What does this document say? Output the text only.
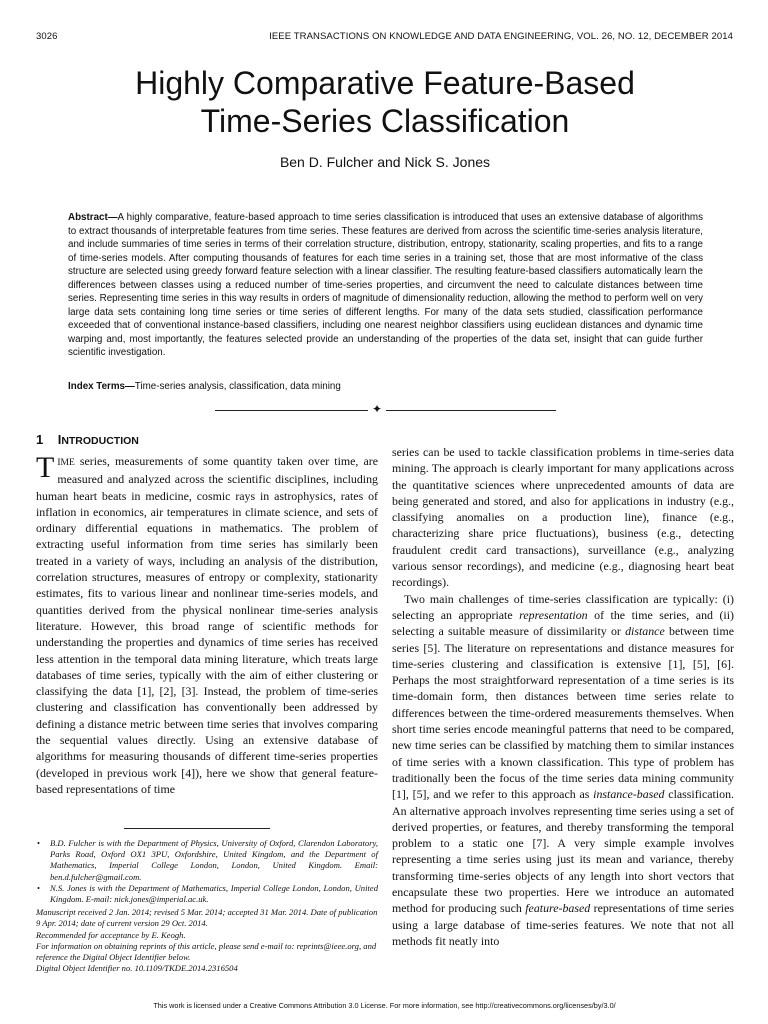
3026	IEEE TRANSACTIONS ON KNOWLEDGE AND DATA ENGINEERING, VOL. 26, NO. 12, DECEMBER 2014
Highly Comparative Feature-Based
Time-Series Classification
Ben D. Fulcher and Nick S. Jones
Abstract—A highly comparative, feature-based approach to time series classification is introduced that uses an extensive database of algorithms to extract thousands of interpretable features from time series. These features are derived from across the scientific time-series analysis literature, and include summaries of time series in terms of their correlation structure, distribution, entropy, stationarity, scaling properties, and fits to a range of time-series models. After computing thousands of features for each time series in a training set, those that are most informative of the class structure are selected using greedy forward feature selection with a linear classifier. The resulting feature-based classifiers automatically learn the differences between classes using a reduced number of time-series properties, and circumvent the need to calculate distances between time series. Representing time series in this way results in orders of magnitude of dimensionality reduction, allowing the method to perform well on very large data sets containing long time series or time series of different lengths. For many of the data sets studied, classification performance exceeded that of conventional instance-based classifiers, including one nearest neighbor classifiers using euclidean distances and dynamic time warping and, most importantly, the features selected provide an understanding of the properties of the data set, insight that can guide further scientific investigation.
Index Terms—Time-series analysis, classification, data mining
✦
1 INTRODUCTION

TIME series, measurements of some quantity taken over time, are measured and analyzed across the scientific disciplines, including human heart beats in medicine, cosmic rays in astrophysics, rates of inflation in economics, air temperatures in climate science, and sets of ordinary differential equations in mathematics. The problem of extracting useful information from time series has similarly been treated in a variety of ways, including an analysis of the distribution, correlation structures, measures of entropy or complexity, stationarity estimates, fits to various linear and nonlinear time-series models, and quantities derived from the physical nonlinear time-series analysis literature. However, this broad range of scientific methods for understanding the properties and dynamics of time series has received less attention in the temporal data mining literature, which treats large databases of time series, typically with the aim of either clustering or classifying the data [1], [2], [3]. Instead, the problem of time-series clustering and classification has conventionally been addressed by defining a distance metric between time series that involves comparing the sequential values directly. Using an extensive database of algorithms for measuring thousands of different time-series properties (developed in previous work [4]), here we show that general feature-based representations of time

series can be used to tackle classification problems in time-series data mining. The approach is clearly important for many applications across the quantitative sciences where unprecedented amounts of data are being generated and stored, and also for applications in industry (e.g., classifying anomalies on a production line), finance (e.g., characterizing share price fluctuations), business (e.g., detecting fraudulent credit card transactions), surveillance (e.g., analyzing various sensor recordings), and medicine (e.g., diagnosing heart beat recordings).

Two main challenges of time-series classification are typically: (i) selecting an appropriate representation of the time series, and (ii) selecting a suitable measure of dissimilarity or distance between time series [5]. The literature on representations and distance measures for time-series clustering and classification is extensive [1], [5], [6]. Perhaps the most straightforward representation of a time series is its time-domain form, then distances between time series relate to differences between the time-ordered measurements themselves. When short time series encode meaningful patterns that need to be compared, new time series can be classified by matching them to similar instances of time series with a known classification. This type of problem has traditionally been the focus of the time series data mining community [1], [5], and we refer to this approach as instance-based classification. An alternative approach involves representing time series using a set of derived properties, or features, and thereby transforming the temporal problem to a static one [7]. A very simple example involves representing a time series using just its mean and variance, thereby transforming time-series objects of any length into short vectors that encapsulate these two properties. Here we introduce an automated method for producing such feature-based representations of time series using a large database of time-series features. We note that not all methods fit neatly into

• B.D. Fulcher is with the Department of Physics, University of Oxford, Clarendon Laboratory, Parks Road, Oxford OX1 3PU, Oxfordshire, United Kingdom, and the Department of Mathematics, Imperial College London, London, United Kingdom. Email: ben.d.fulcher@gmail.com.
• N.S. Jones is with the Department of Mathematics, Imperial College London, London, United Kingdom. E-mail: nick.jones@imperial.ac.uk.

Manuscript received 2 Jan. 2014; revised 5 Mar. 2014; accepted 31 Mar. 2014. Date of publication 9 Apr. 2014; date of current version 29 Oct. 2014.

Recommended for acceptance by E. Keogh.

For information on obtaining reprints of this article, please send e-mail to: reprints@ieee.org, and reference the Digital Object Identifier below.

Digital Object Identifier no. 10.1109/TKDE.2014.2316504

This work is licensed under a Creative Commons Attribution 3.0 License. For more information, see http://creativecommons.org/licenses/by/3.0/
